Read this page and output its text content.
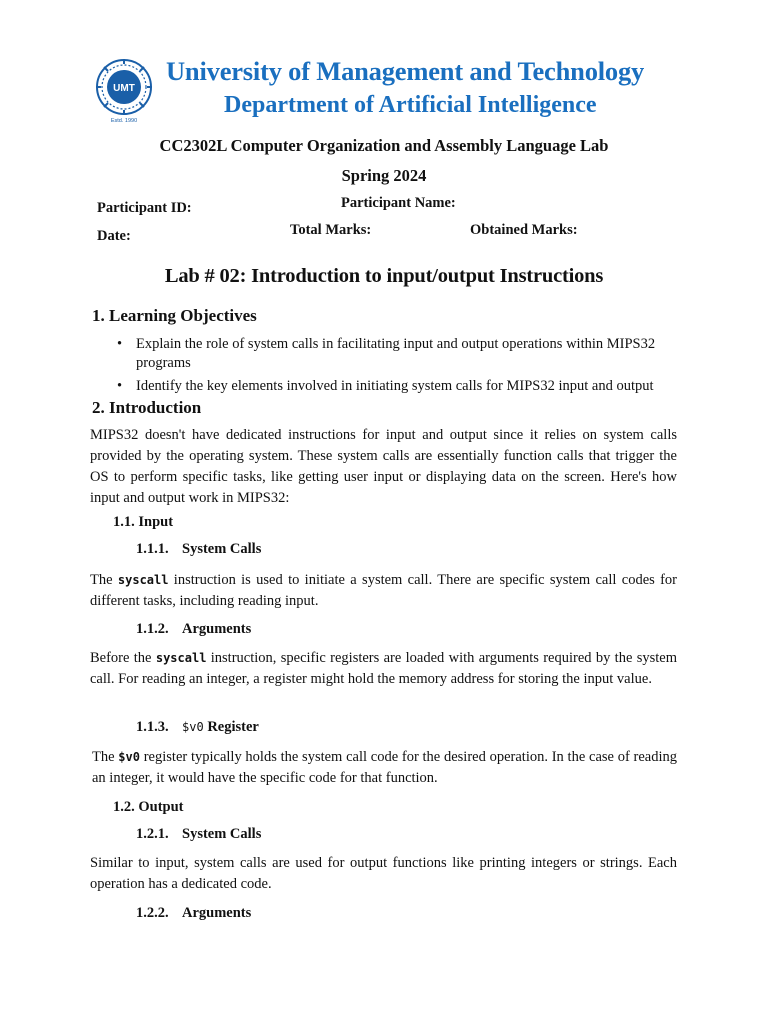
UMT
Estd. 1990
University of Management and Technology
Department of Artificial Intelligence
CC2302L Computer Organization and Assembly Language Lab
Spring 2024
Participant ID:	Participant Name:
Date:	Total Marks:	Obtained Marks:
Lab # 02: Introduction to input/output Instructions
1. Learning Objectives
• Explain the role of system calls in facilitating input and output operations within MIPS32 programs
• Identify the key elements involved in initiating system calls for MIPS32 input and output
2. Introduction
MIPS32 doesn't have dedicated instructions for input and output since it relies on system calls provided by the operating system. These system calls are essentially function calls that trigger the OS to perform specific tasks, like getting user input or displaying data on the screen. Here's how input and output work in MIPS32:
1.1. Input
1.1.1. System Calls
The syscall instruction is used to initiate a system call. There are specific system call codes for different tasks, including reading input.
1.1.2. Arguments
Before the syscall instruction, specific registers are loaded with arguments required by the system call. For reading an integer, a register might hold the memory address for storing the input value.
1.1.3. $v0 Register
The $v0 register typically holds the system call code for the desired operation. In the case of reading an integer, it would have the specific code for that function.
1.2. Output
1.2.1. System Calls
Similar to input, system calls are used for output functions like printing integers or strings. Each operation has a dedicated code.
1.2.2. Arguments
